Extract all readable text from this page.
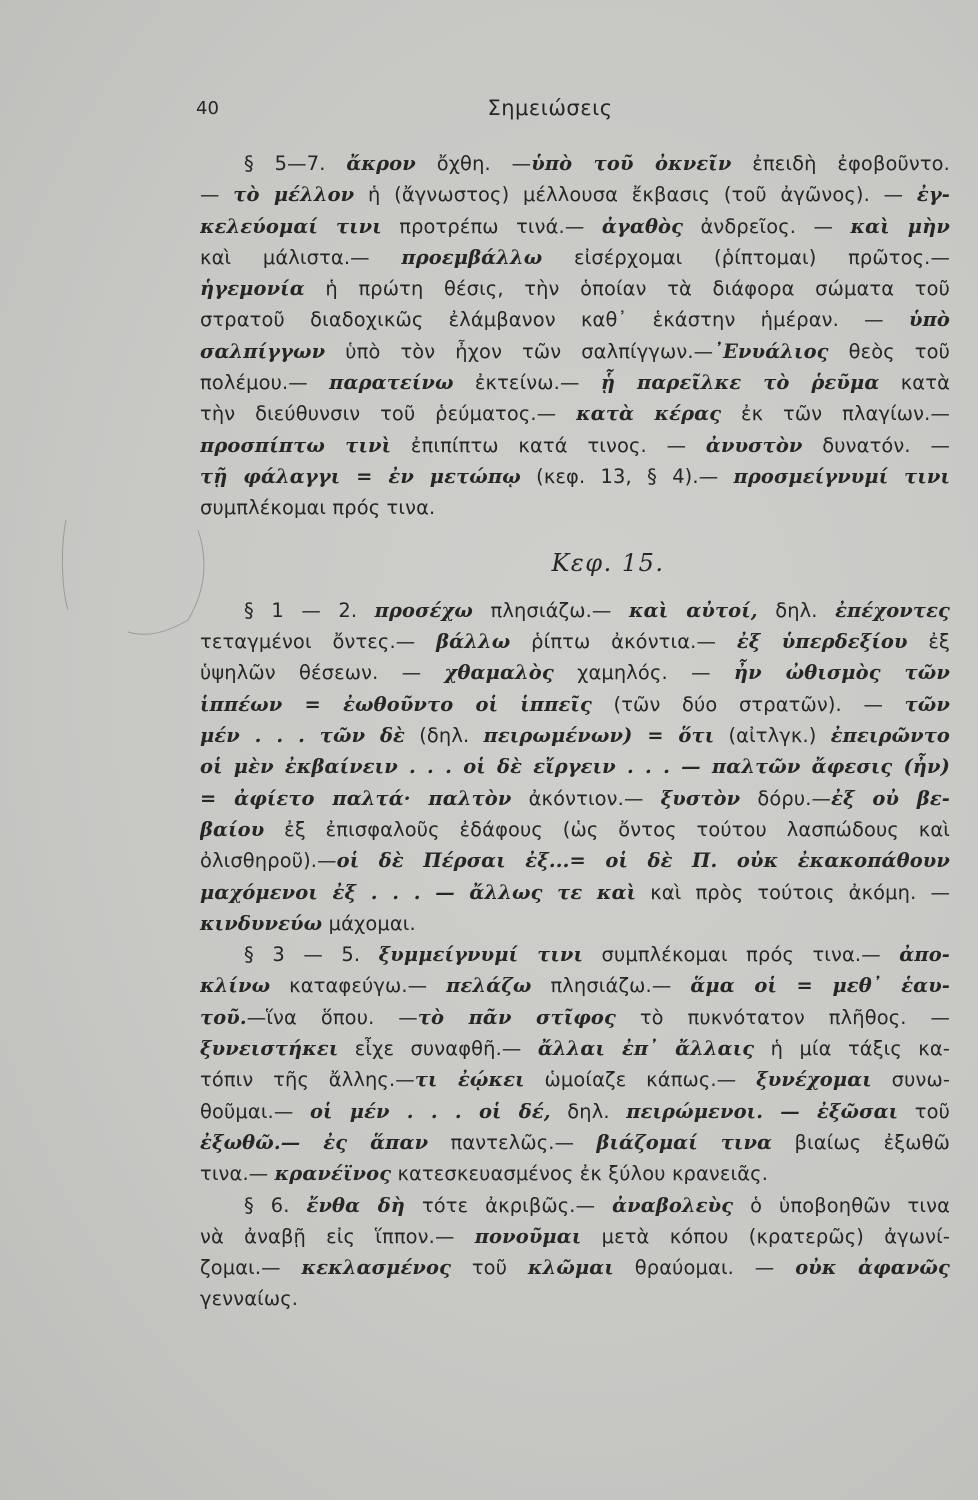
40	Σημειώσεις
§ 5—7. ἄκρον ὄχθη. —ὑπὸ τοῦ ὀκνεῖν ἐπειδὴ ἐφοβοῦντο.
— τὸ μέλλον ἡ (ἄγνωστος) μέλλουσα ἔκβασις (τοῦ ἀγῶνος). — ἐγ-
κελεύομαί τινι προτρέπω τινά.— ἀγαθὸς ἀνδρεῖος. — καὶ μὴν
καὶ μάλιστα.— προεμβάλλω εἰσέρχομαι (ῥίπτομαι) πρῶτος.—
ἡγεμονία ἡ πρώτη θέσις, τὴν ὁποίαν τὰ διάφορα σώματα τοῦ
στρατοῦ διαδοχικῶς ἐλάμβανον καθ᾽ ἑκάστην ἡμέραν. — ὑπὸ
σαλπίγγων ὑπὸ τὸν ἦχον τῶν σαλπίγγων.—᾿Ενυάλιος θεὸς τοῦ
πολέμου.— παρατείνω ἐκτείνω.— ᾗ παρεῖλκε τὸ ῥεῦμα κατὰ
τὴν διεύθυνσιν τοῦ ῥεύματος.— κατὰ κέρας ἐκ τῶν πλαγίων.—
προσπίπτω τινὶ ἐπιπίπτω κατά τινος. — ἀνυστὸν δυνατόν. —
τῇ φάλαγγι = ἐν μετώπῳ (κεφ. 13, § 4).— προσμείγνυμί τινι
συμπλέκομαι πρός τινα.
Κεφ. 15.
§ 1 — 2. προσέχω πλησιάζω.— καὶ αὐτοί, δηλ. ἐπέχοντες
τεταγμένοι ὄντες.— βάλλω ῥίπτω ἀκόντια.— ἐξ ὑπερδεξίου ἐξ
ὑψηλῶν θέσεων. — χθαμαλὸς χαμηλός. — ἦν ὠθισμὸς τῶν
ἱππέων = ἐωθοῦντο οἱ ἱππεῖς (τῶν δύο στρατῶν). — τῶν
μέν . . . τῶν δὲ (δηλ. πειρωμένων) = ὅτι (αἰτλγκ.) ἐπειρῶντο
οἱ μὲν ἐκβαίνειν . . . οἱ δὲ εἴργειν . . . — παλτῶν ἄφεσις (ἦν)
= ἀφίετο παλτά· παλτὸν ἀκόντιον.— ξυστὸν δόρυ.—ἐξ οὐ βε-
βαίου ἐξ ἐπισφαλοῦς ἐδάφους (ὡς ὄντος τούτου λασπώδους καὶ
ὀλισθηροῦ).—οἱ δὲ Πέρσαι ἐξ...= οἱ δὲ Π. οὐκ ἐκακοπάθουν
μαχόμενοι ἐξ . . . — ἄλλως τε καὶ καὶ πρὸς τούτοις ἀκόμη. —
κινδυνεύω μάχομαι.
§ 3 — 5. ξυμμείγνυμί τινι συμπλέκομαι πρός τινα.— ἀπο-
κλίνω καταφεύγω.— πελάζω πλησιάζω.— ἅμα οἱ = μεθ᾽ ἑαυ-
τοῦ.—ἵνα ὅπου. —τὸ πᾶν στῖφος τὸ πυκνότατον πλῆθος. —
ξυνειστήκει εἶχε συναφθῆ.— ἄλλαι ἐπ᾽ ἄλλαις ἡ μία τάξις κα-
τόπιν τῆς ἄλλης.—τι ἐῴκει ὡμοίαζε κάπως.— ξυνέχομαι συνω-
θοῦμαι.— οἱ μέν . . . οἱ δέ, δηλ. πειρώμενοι. — ἐξῶσαι τοῦ
ἐξωθῶ.— ἐς ἅπαν παντελῶς.— βιάζομαί τινα βιαίως ἐξωθῶ
τινα.— κρανέϊνος κατεσκευασμένος ἐκ ξύλου κρανειᾶς.
§ 6. ἔνθα δὴ τότε ἀκριβῶς.— ἀναβολεὺς ὁ ὑποβοηθῶν τινα
νὰ ἀναβῇ εἰς ἵππον.— πονοῦμαι μετὰ κόπου (κρατερῶς) ἀγωνί-
ζομαι.— κεκλασμένος τοῦ κλῶμαι θραύομαι. — οὐκ ἀφανῶς
γενναίως.
